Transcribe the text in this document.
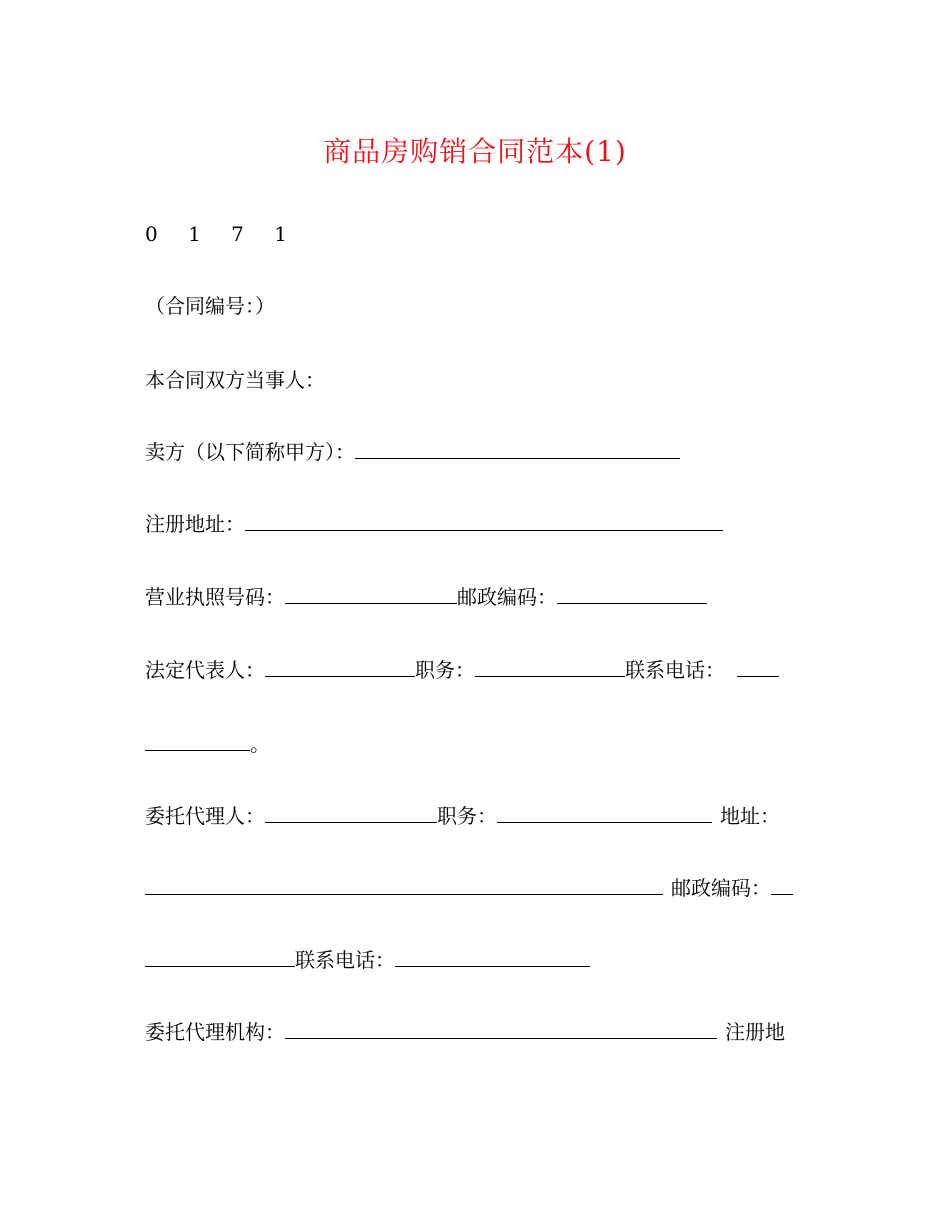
商品房购销合同范本(1)
0 1 7 1
（合同编号：）
本合同双方当事人：
卖方（以下简称甲方）：
注册地址：
营业执照号码：	邮政编码：
法定代表人：	职务：	联系电话：
。
委托代理人：	职务：	地址：
邮政编码：
联系电话：
委托代理机构：	注册地
